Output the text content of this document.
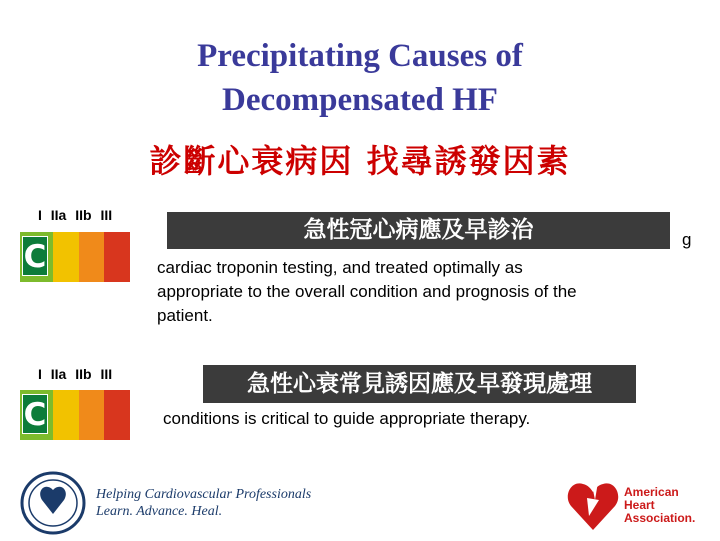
Precipitating Causes of
Decompensated HF
診斷心衰病因 找尋誘發因素
I IIa IIb III
C	cardiac troponin testing, and treated optimally as
appropriate to the overall condition and prognosis of the
patient.
g
急性冠心病應及早診治
I IIa IIb III
C	conditions is critical to guide appropriate therapy.
急性心衰常見誘因應及早發現處理
Helping Cardiovascular Professionals
Learn. Advance. Heal.
American
Heart
Association.
